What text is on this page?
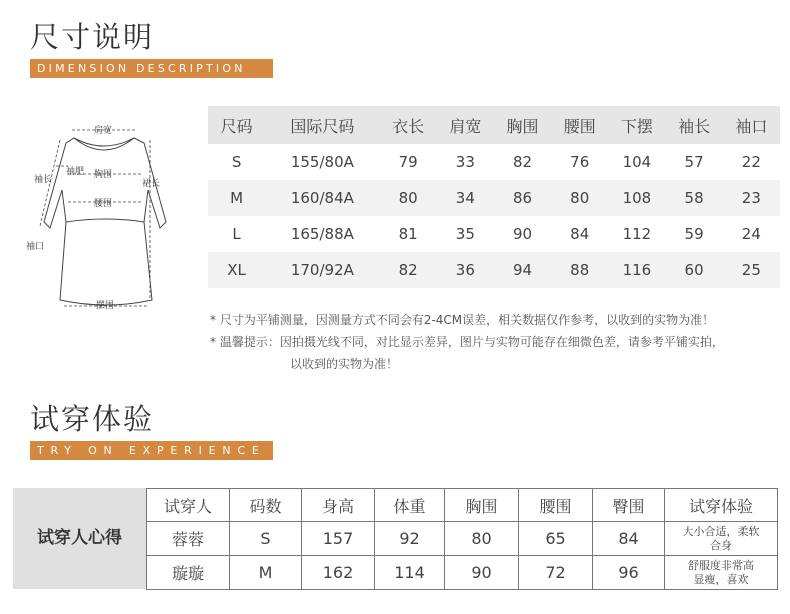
尺寸说明
DIMENSION DESCRIPTION
肩宽
袖长
袖肥 胸围
裙长
腰围
袖口
摆围
尺码	国际尺码	衣长	肩宽	胸围	腰围	下摆	袖长	袖口
S	155/80A	79	33	82	76	104	57	22
M	160/84A	80	34	86	80	108	58	23
L	165/88A	81	35	90	84	112	59	24
XL	170/92A	82	36	94	88	116	60	25
* 尺寸为平铺测量，因测量方式不同会有2-4CM误差，相关数据仅作参考，以收到的实物为准！
* 温馨提示：因拍摄光线不同，对比显示差异，图片与实物可能存在细微色差，请参考平铺实拍，
以收到的实物为准！
试穿体验
TRY ON EXPERIENCE
试穿人心得
试穿人	码数	身高	体重	胸围	腰围	臀围	试穿体验
蓉蓉	S	157	92	80	65	84	大小合适，柔软
合身

璇璇	M	162	114	90	72	96	舒服度非常高
显瘦，喜欢
